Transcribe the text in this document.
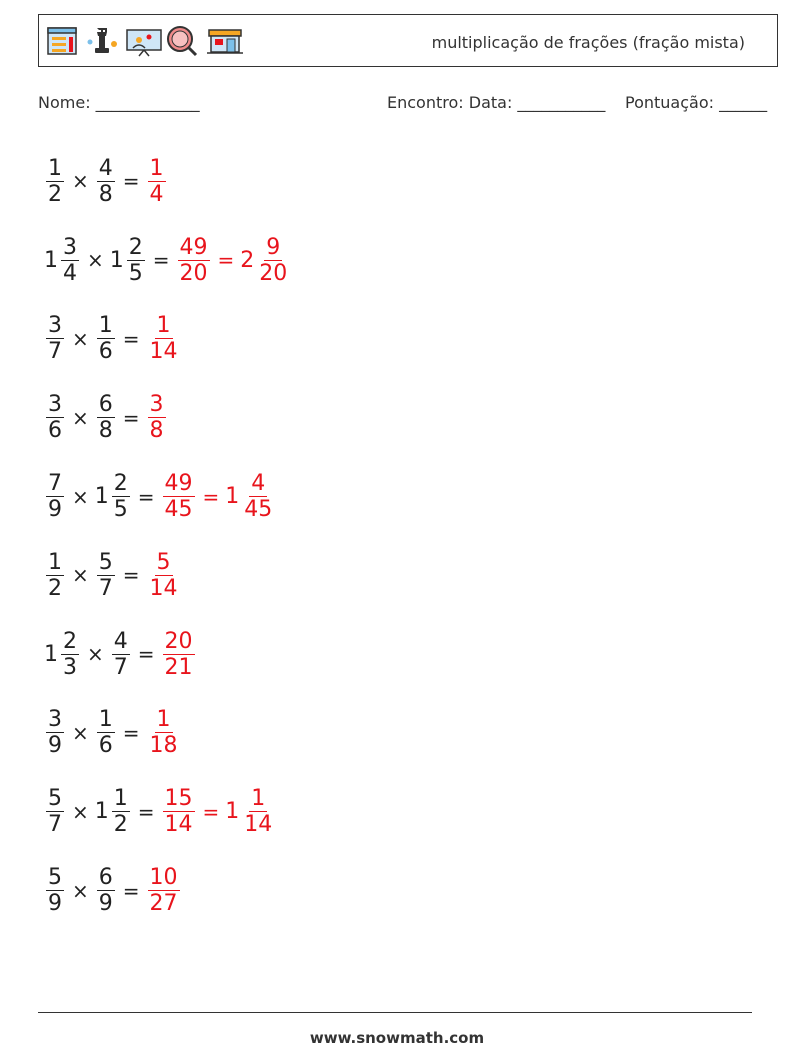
multiplicação de frações (fração mista)
Nome: _____________	Encontro: Data: ___________ Pontuação: ______
$\frac{1}{2} \times \frac{4}{8} = \frac{1}{4}$
$1 \frac{3}{4} \times 1 \frac{2}{5} = \frac{49}{20} = 2 \frac{9}{20}$
$\frac{3}{7} \times \frac{1}{6} = \frac{1}{14}$
$\frac{3}{6} \times \frac{6}{8} = \frac{3}{8}$
$\frac{7}{9} \times 1 \frac{2}{5} = \frac{49}{45} = 1 \frac{4}{45}$
$\frac{1}{2} \times \frac{5}{7} = \frac{5}{14}$
$1 \frac{2}{3} \times \frac{4}{7} = \frac{20}{21}$
$\frac{3}{9} \times \frac{1}{6} = \frac{1}{18}$
$\frac{5}{7} \times 1 \frac{1}{2} = \frac{15}{14} = 1 \frac{1}{14}$
$\frac{5}{9} \times \frac{6}{9} = \frac{10}{27}$
www.snowmath.com
